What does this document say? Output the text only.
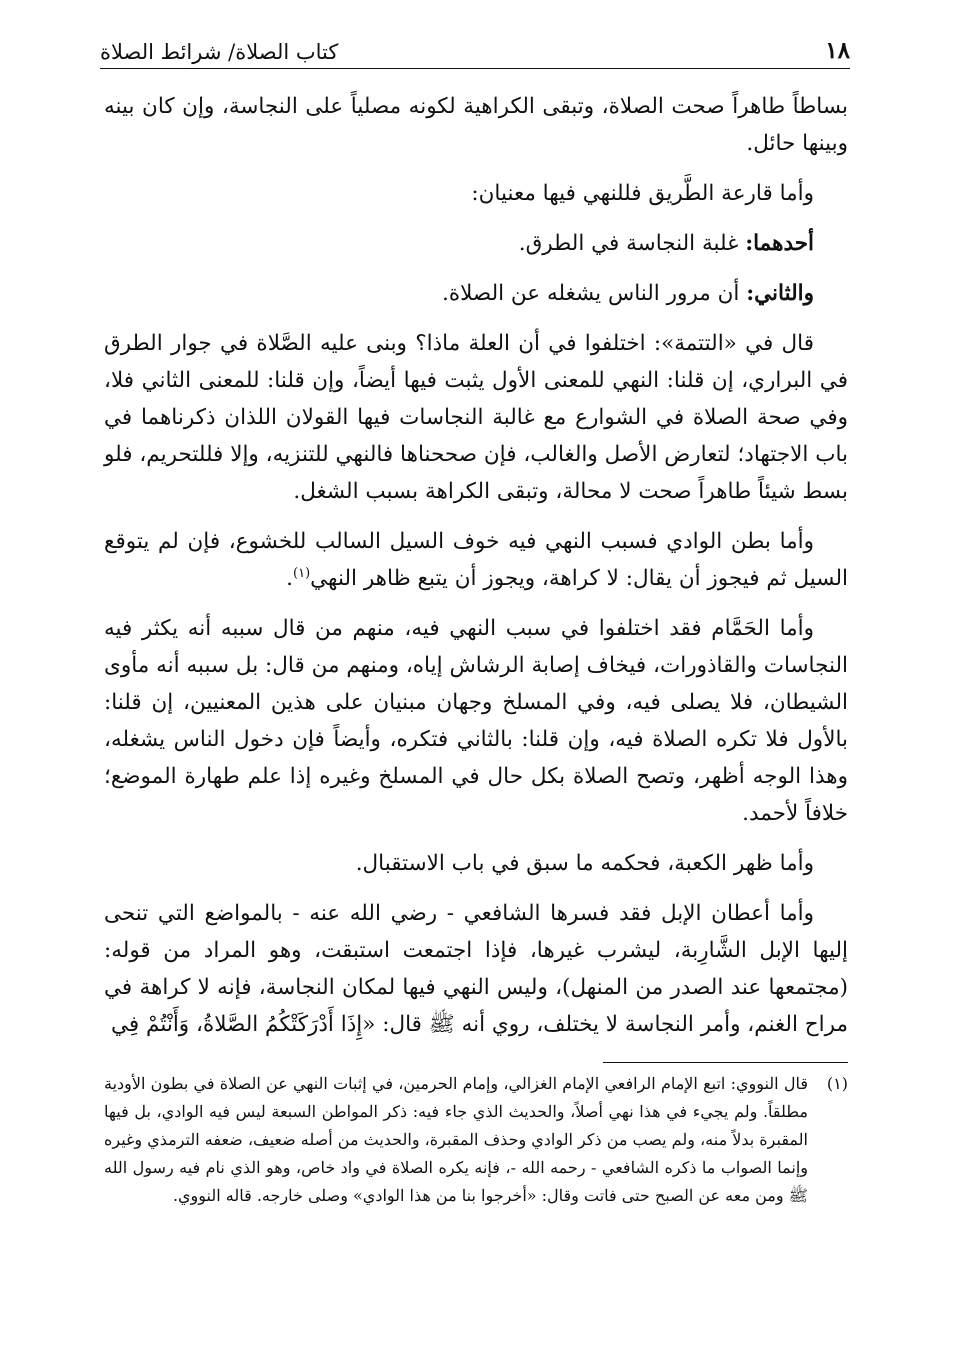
١٨
كتاب الصلاة/ شرائط الصلاة

بساطاً طاهراً صحت الصلاة، وتبقى الكراهية لكونه مصلياً على النجاسة، وإن كان بينه وبينها حائل.

وأما قارعة الطَّريق فللنهي فيها معنيان:

أحدهما: غلبة النجاسة في الطرق.

والثاني: أن مرور الناس يشغله عن الصلاة.

قال في «التتمة»: اختلفوا في أن العلة ماذا؟ وبنى عليه الصَّلاة في جوار الطرق في البراري، إن قلنا: النهي للمعنى الأول يثبت فيها أيضاً، وإن قلنا: للمعنى الثاني فلا، وفي صحة الصلاة في الشوارع مع غالبة النجاسات فيها القولان اللذان ذكرناهما في باب الاجتهاد؛ لتعارض الأصل والغالب، فإن صححناها فالنهي للتنزيه، وإلا فللتحريم، فلو بسط شيئاً طاهراً صحت لا محالة، وتبقى الكراهة بسبب الشغل.

وأما بطن الوادي فسبب النهي فيه خوف السيل السالب للخشوع، فإن لم يتوقع السيل ثم فيجوز أن يقال: لا كراهة، ويجوز أن يتبع ظاهر النهي$^{(١)}$.

وأما الحَمَّام فقد اختلفوا في سبب النهي فيه، منهم من قال سببه أنه يكثر فيه النجاسات والقاذورات، فيخاف إصابة الرشاش إياه، ومنهم من قال: بل سببه أنه مأوى الشيطان، فلا يصلى فيه، وفي المسلخ وجهان مبنيان على هذين المعنيين، إن قلنا: بالأول فلا تكره الصلاة فيه، وإن قلنا: بالثاني فتكره، وأيضاً فإن دخول الناس يشغله، وهذا الوجه أظهر، وتصح الصلاة بكل حال في المسلخ وغيره إذا علم طهارة الموضع؛ خلافاً لأحمد.

وأما ظهر الكعبة، فحكمه ما سبق في باب الاستقبال.

وأما أعطان الإبل فقد فسرها الشافعي - رضي الله عنه - بالمواضع التي تنحى إليها الإبل الشَّارِبة، ليشرب غيرها، فإذا اجتمعت استبقت، وهو المراد من قوله: (مجتمعها عند الصدر من المنهل)، وليس النهي فيها لمكان النجاسة، فإنه لا كراهة في مراح الغنم، وأمر النجاسة لا يختلف، روي أنه ﷺ قال: «إِذَا أَدْرَكَتْكُمُ الصَّلاةُ، وَأَنْتُمْ فِي

(١)
قال النووي: اتبع الإمام الرافعي الإمام الغزالي، وإمام الحرمين، في إثبات النهي عن الصلاة في بطون الأودية مطلقاً. ولم يجيء في هذا نهي أصلاً، والحديث الذي جاء فيه: ذكر المواطن السبعة ليس فيه الوادي، بل فيها المقبرة بدلاً منه، ولم يصب من ذكر الوادي وحذف المقبرة، والحديث من أصله ضعيف، ضعفه الترمذي وغيره وإنما الصواب ما ذكره الشافعي - رحمه الله -، فإنه يكره الصلاة في واد خاص، وهو الذي نام فيه رسول الله ﷺ ومن معه عن الصبح حتى فاتت وقال: «أخرجوا بنا من هذا الوادي» وصلى خارجه. قاله النووي.
